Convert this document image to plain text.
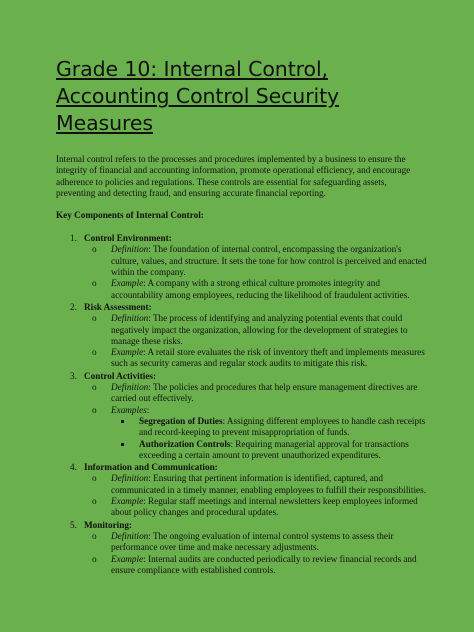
Grade 10: Internal Control, Accounting Control Security Measures

Internal control refers to the processes and procedures implemented by a business to ensure the integrity of financial and accounting information, promote operational efficiency, and encourage adherence to policies and regulations. These controls are essential for safeguarding assets, preventing and detecting fraud, and ensuring accurate financial reporting.

Key Components of Internal Control:

1. Control Environment:
o Definition: The foundation of internal control, encompassing the organization's culture, values, and structure. It sets the tone for how control is perceived and enacted within the company.
o Example: A company with a strong ethical culture promotes integrity and accountability among employees, reducing the likelihood of fraudulent activities.
2. Risk Assessment:
o Definition: The process of identifying and analyzing potential events that could negatively impact the organization, allowing for the development of strategies to manage these risks.
o Example: A retail store evaluates the risk of inventory theft and implements measures such as security cameras and regular stock audits to mitigate this risk.
3. Control Activities:
o Definition: The policies and procedures that help ensure management directives are carried out effectively.
o Examples:
Segregation of Duties: Assigning different employees to handle cash receipts and record-keeping to prevent misappropriation of funds.
Authorization Controls: Requiring managerial approval for transactions exceeding a certain amount to prevent unauthorized expenditures.
4. Information and Communication:
o Definition: Ensuring that pertinent information is identified, captured, and communicated in a timely manner, enabling employees to fulfill their responsibilities.
o Example: Regular staff meetings and internal newsletters keep employees informed about policy changes and procedural updates.
5. Monitoring:
o Definition: The ongoing evaluation of internal control systems to assess their performance over time and make necessary adjustments.
o Example: Internal audits are conducted periodically to review financial records and ensure compliance with established controls.
